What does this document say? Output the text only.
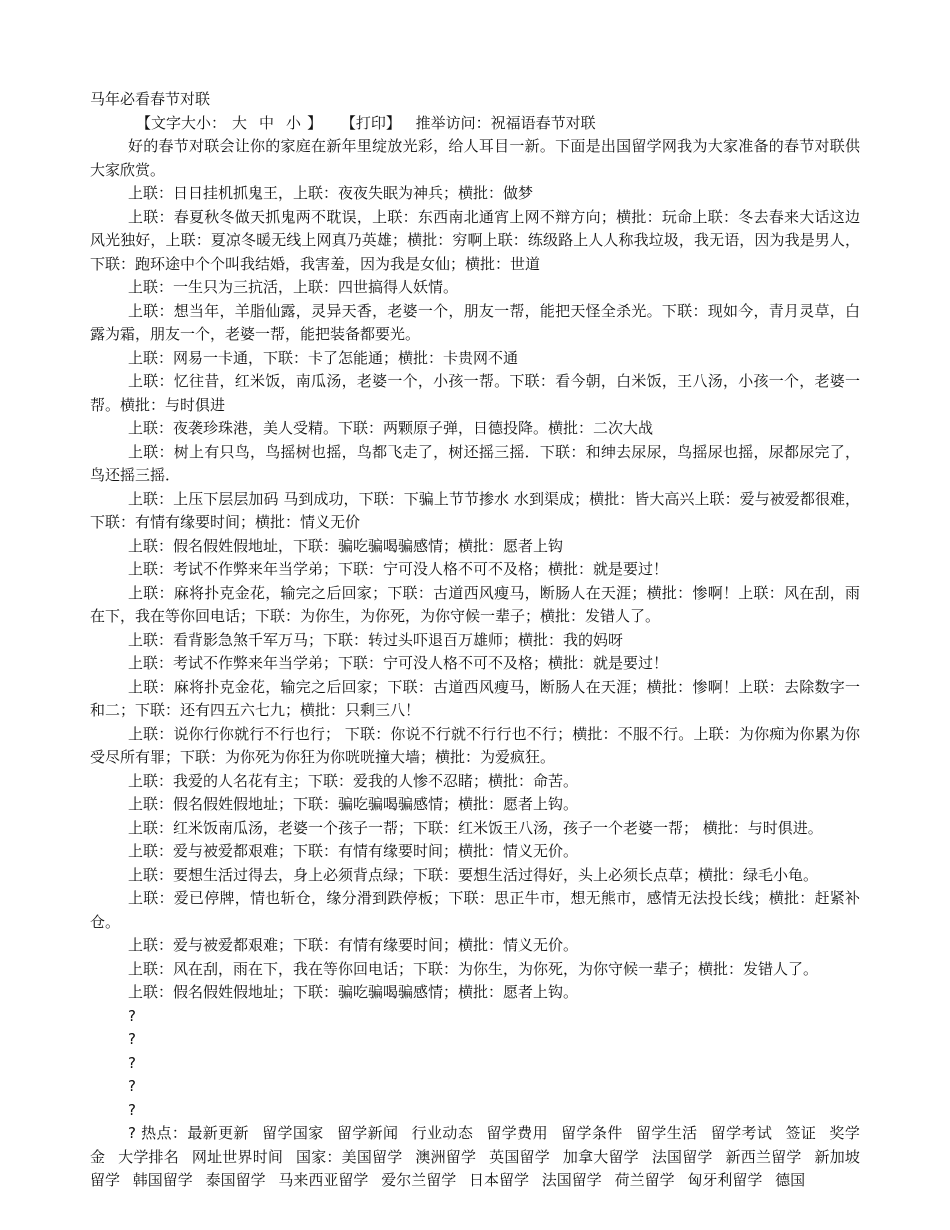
马年必看春节对联
【文字大小： 大 中 小 】 【打印】 推举访问：祝福语春节对联

好的春节对联会让你的家庭在新年里绽放光彩，给人耳目一新。下面是出国留学网我为大家准备的春节对联供大家欣赏。

上联：日日挂机抓鬼王，上联：夜夜失眠为神兵；横批：做梦

上联：春夏秋冬做天抓鬼两不耽误，上联：东西南北通宵上网不辩方向；横批：玩命上联：冬去春来大话这边风光独好，上联：夏凉冬暖无线上网真乃英雄；横批：穷啊上联：练级路上人人称我垃圾，我无语，因为我是男人，下联：跑环途中个个叫我结婚，我害羞，因为我是女仙；横批：世道

上联：一生只为三抗活，上联：四世搞得人妖情。

上联：想当年，羊脂仙露，灵异天香，老婆一个，朋友一帮，能把天怪全杀光。下联：现如今，青月灵草，白露为霜，朋友一个，老婆一帮，能把装备都要光。

上联：网易一卡通，下联：卡了怎能通；横批：卡贵网不通

上联：忆往昔，红米饭，南瓜汤，老婆一个，小孩一帮。下联：看今朝，白米饭，王八汤，小孩一个，老婆一帮。横批：与时俱进

上联：夜袭珍珠港，美人受精。下联：两颗原子弹，日德投降。横批：二次大战

上联：树上有只鸟，鸟摇树也摇，鸟都飞走了，树还摇三摇．下联：和绅去尿尿，鸟摇尿也摇，尿都尿完了，鸟还摇三摇．

上联：上压下层层加码 马到成功，下联：下骗上节节掺水 水到渠成；横批：皆大高兴上联：爱与被爱都很难，下联：有情有缘要时间；横批：情义无价

上联：假名假姓假地址，下联：骗吃骗喝骗感情；横批：愿者上钩

上联：考试不作弊来年当学弟；下联：宁可没人格不可不及格；横批：就是要过！

上联：麻将扑克金花，输完之后回家；下联：古道西风瘦马，断肠人在天涯；横批：惨啊！上联：风在刮，雨在下，我在等你回电话；下联：为你生，为你死，为你守候一辈子；横批：发错人了。

上联：看背影急煞千军万马；下联：转过头吓退百万雄师；横批：我的妈呀

上联：考试不作弊来年当学弟；下联：宁可没人格不可不及格；横批：就是要过！

上联：麻将扑克金花，输完之后回家；下联：古道西风瘦马，断肠人在天涯；横批：惨啊！上联：去除数字一和二；下联：还有四五六七九；横批：只剩三八！

上联：说你行你就行不行也行； 下联：你说不行就不行行也不行；横批：不服不行。上联：为你痴为你累为你受尽所有罪；下联：为你死为你狂为你咣咣撞大墙；横批：为爱疯狂。

上联：我爱的人名花有主；下联：爱我的人惨不忍睹；横批：命苦。

上联：假名假姓假地址；下联：骗吃骗喝骗感情；横批：愿者上钩。

上联：红米饭南瓜汤，老婆一个孩子一帮；下联：红米饭王八汤，孩子一个老婆一帮； 横批：与时俱进。

上联：爱与被爱都艰难；下联：有情有缘要时间；横批：情义无价。

上联：要想生活过得去，身上必须背点绿；下联：要想生活过得好，头上必须长点草；横批：绿毛小龟。

上联：爱已停牌，情也斩仓，缘分滑到跌停板；下联：思正牛市，想无熊市，感情无法投长线；横批：赶紧补仓。

上联：爱与被爱都艰难；下联：有情有缘要时间；横批：情义无价。

上联：风在刮，雨在下，我在等你回电话；下联：为你生，为你死，为你守候一辈子；横批：发错人了。

上联：假名假姓假地址；下联：骗吃骗喝骗感情；横批：愿者上钩。

?
?
?
?
?

? 热点：最新更新 留学国家 留学新闻 行业动态 留学费用 留学条件 留学生活 留学考试 签证 奖学金 大学排名 网址世界时间 国家：美国留学 澳洲留学 英国留学 加拿大留学 法国留学 新西兰留学 新加坡留学 韩国留学 泰国留学 马来西亚留学 爱尔兰留学 日本留学 法国留学 荷兰留学 匈牙利留学 德国
